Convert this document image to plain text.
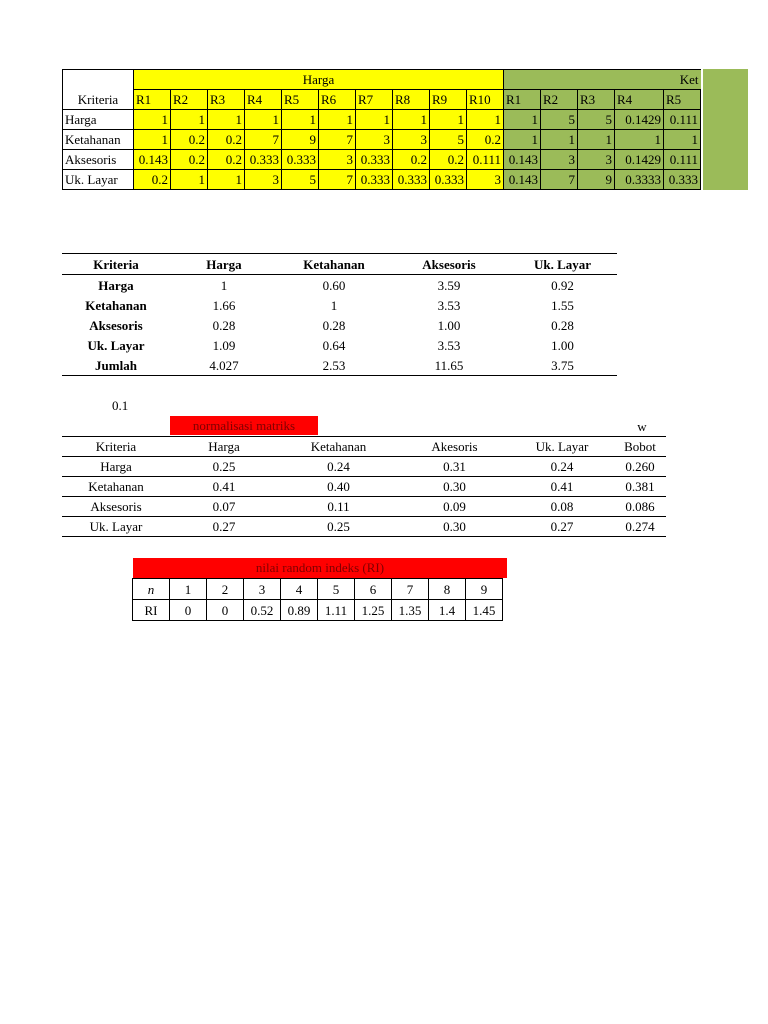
Kriteria	Harga										Ket				
	R1	R2	R3	R4	R5	R6	R7	R8	R9	R10	R1	R2	R3	R4	R5
Harga	1	1	1	1	1	1	1	1	1	1	1	5	5	0.1429	0.111
Ketahanan	1	0.2	0.2	7	9	7	3	3	5	0.2	1	1	1	1	1
Aksesoris	0.143	0.2	0.2	0.333	0.333	3	0.333	0.2	0.2	0.111	0.143	3	3	0.1429	0.111
Uk. Layar	0.2	1	1	3	5	7	0.333	0.333	0.333	3	0.143	7	9	0.3333	0.333
Kriteria	Harga	Ketahanan	Aksesoris	Uk. Layar
Harga	1	0.60	3.59	0.92
Ketahanan	1.66	1	3.53	1.55
Aksesoris	0.28	0.28	1.00	0.28
Uk. Layar	1.09	0.64	3.53	1.00
Jumlah	4.027	2.53	11.65	3.75
0.1
normalisasi matriks	w
Kriteria	Harga	Ketahanan	Akesoris	Uk. Layar	Bobot
Harga	0.25	0.24	0.31	0.24	0.260
Ketahanan	0.41	0.40	0.30	0.41	0.381
Aksesoris	0.07	0.11	0.09	0.08	0.086
Uk. Layar	0.27	0.25	0.30	0.27	0.274
nilai random indeks (RI)
n	1	2	3	4	5	6	7	8	9
RI	0	0	0.52	0.89	1.11	1.25	1.35	1.4	1.45
